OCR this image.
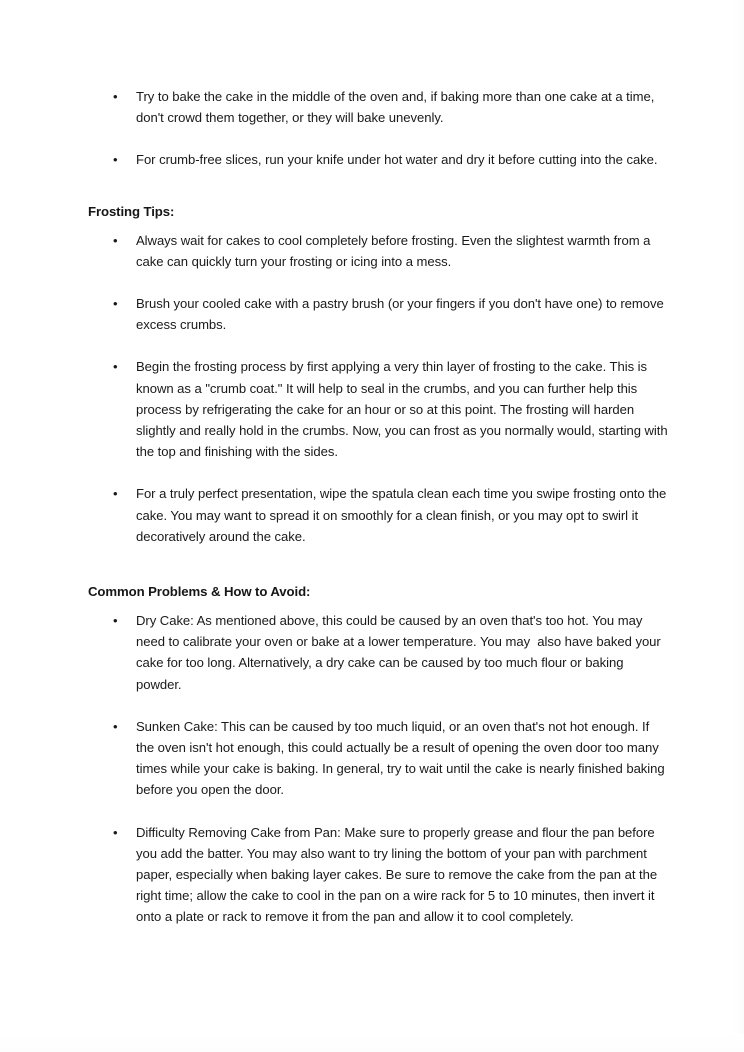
• Try to bake the cake in the middle of the oven and, if baking more than one cake at a time, don't crowd them together, or they will bake unevenly.
• For crumb-free slices, run your knife under hot water and dry it before cutting into the cake.
Frosting Tips:
• Always wait for cakes to cool completely before frosting. Even the slightest warmth from a cake can quickly turn your frosting or icing into a mess.
• Brush your cooled cake with a pastry brush (or your fingers if you don't have one) to remove excess crumbs.
• Begin the frosting process by first applying a very thin layer of frosting to the cake. This is known as a "crumb coat." It will help to seal in the crumbs, and you can further help this process by refrigerating the cake for an hour or so at this point. The frosting will harden slightly and really hold in the crumbs. Now, you can frost as you normally would, starting with the top and finishing with the sides.
• For a truly perfect presentation, wipe the spatula clean each time you swipe frosting onto the cake. You may want to spread it on smoothly for a clean finish, or you may opt to swirl it decoratively around the cake.
Common Problems & How to Avoid:
• Dry Cake: As mentioned above, this could be caused by an oven that's too hot. You may need to calibrate your oven or bake at a lower temperature. You may  also have baked your cake for too long. Alternatively, a dry cake can be caused by too much flour or baking powder.
• Sunken Cake: This can be caused by too much liquid, or an oven that's not hot enough. If the oven isn't hot enough, this could actually be a result of opening the oven door too many times while your cake is baking. In general, try to wait until the cake is nearly finished baking before you open the door.
• Difficulty Removing Cake from Pan: Make sure to properly grease and flour the pan before you add the batter. You may also want to try lining the bottom of your pan with parchment paper, especially when baking layer cakes. Be sure to remove the cake from the pan at the right time; allow the cake to cool in the pan on a wire rack for 5 to 10 minutes, then invert it onto a plate or rack to remove it from the pan and allow it to cool completely.
